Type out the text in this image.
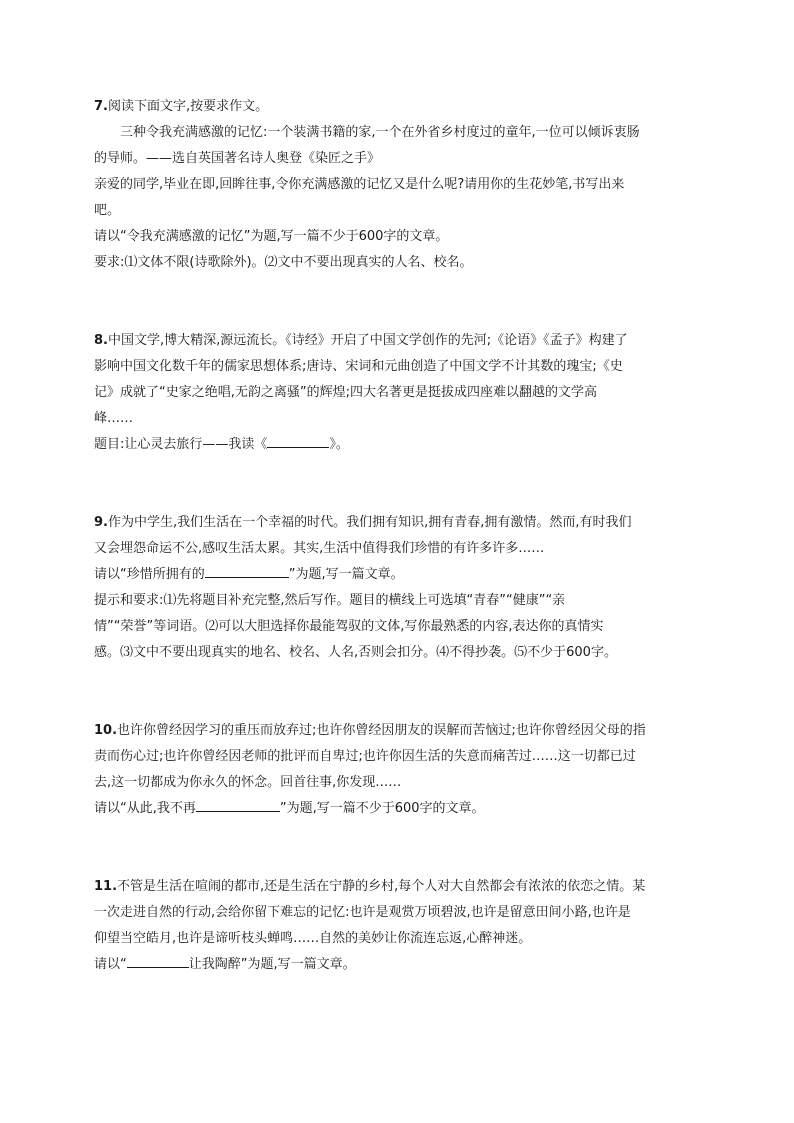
7.阅读下面文字,按要求作文。
三种令我充满感激的记忆:一个装满书籍的家,一个在外省乡村度过的童年,一位可以倾诉衷肠
的导师。——选自英国著名诗人奥登《染匠之手》
亲爱的同学,毕业在即,回眸往事,令你充满感激的记忆又是什么呢?请用你的生花妙笔,书写出来
吧。
请以“令我充满感激的记忆”为题,写一篇不少于600字的文章。
要求:⑴文体不限(诗歌除外)。⑵文中不要出现真实的人名、校名。
8.中国文学,博大精深,源远流长。《诗经》开启了中国文学创作的先河;《论语》《孟子》构建了
影响中国文化数千年的儒家思想体系;唐诗、宋词和元曲创造了中国文学不计其数的瑰宝;《史
记》成就了“史家之绝唱,无韵之离骚”的辉煌;四大名著更是挺拔成四座难以翻越的文学高
峰……
题目:让心灵去旅行——我读《	》。
9.作为中学生,我们生活在一个幸福的时代。我们拥有知识,拥有青春,拥有激情。然而,有时我们
又会埋怨命运不公,感叹生活太累。其实,生活中值得我们珍惜的有许多许多……
请以“珍惜所拥有的	”为题,写一篇文章。
提示和要求:⑴先将题目补充完整,然后写作。题目的横线上可选填“青春”“健康”“亲
情”“荣誉”等词语。⑵可以大胆选择你最能驾驭的文体,写你最熟悉的内容,表达你的真情实
感。⑶文中不要出现真实的地名、校名、人名,否则会扣分。⑷不得抄袭。⑸不少于600字。
10.也许你曾经因学习的重压而放弃过;也许你曾经因朋友的误解而苦恼过;也许你曾经因父母的指
责而伤心过;也许你曾经因老师的批评而自卑过;也许你因生活的失意而痛苦过……这一切都已过
去,这一切都成为你永久的怀念。回首往事,你发现……
请以“从此,我不再	”为题,写一篇不少于600字的文章。
11.不管是生活在喧闹的都市,还是生活在宁静的乡村,每个人对大自然都会有浓浓的依恋之情。某
一次走进自然的行动,会给你留下难忘的记忆:也许是观赏万顷碧波,也许是留意田间小路,也许是
仰望当空皓月,也许是谛听枝头蝉鸣……自然的美妙让你流连忘返,心醉神迷。
请以“	让我陶醉”为题,写一篇文章。
